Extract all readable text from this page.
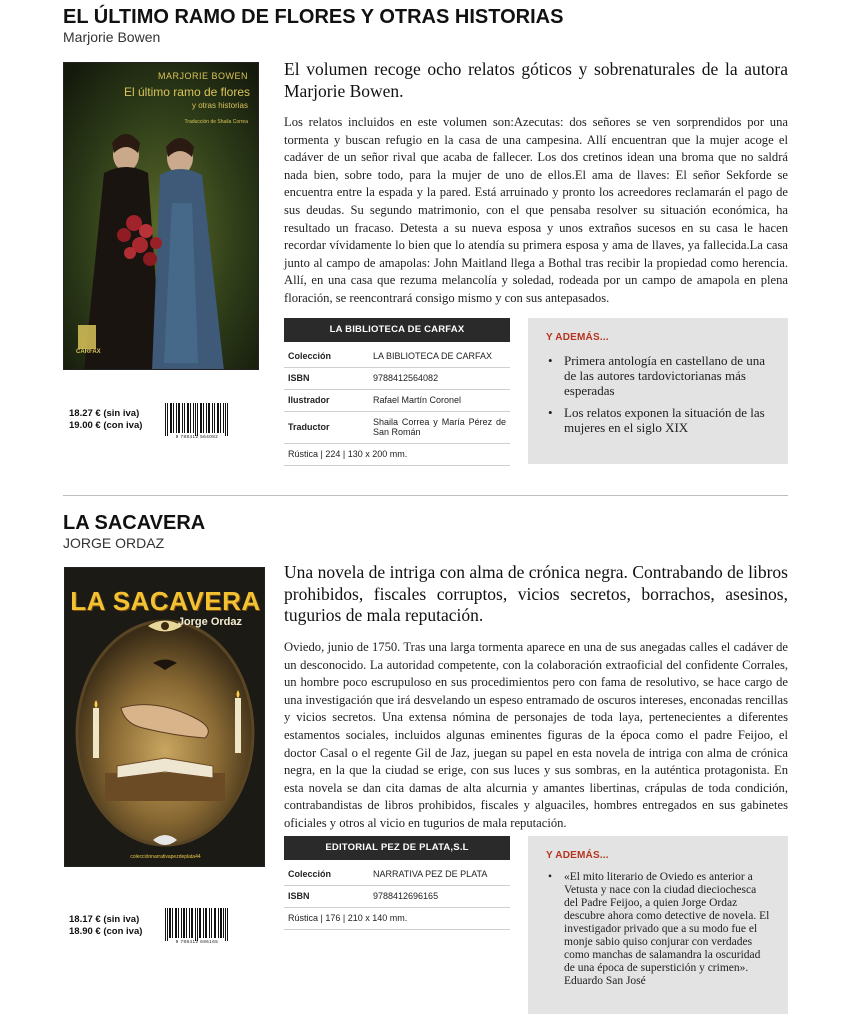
EL ÚLTIMO RAMO DE FLORES Y OTRAS HISTORIAS
Marjorie Bowen
MARJORIE BOWEN
El último ramo de flores
y otras historias
Traducción de Shaila Correa
CARFAX
El volumen recoge ocho relatos góticos y sobrenaturales de la autora Marjorie Bowen.
Los relatos incluidos en este volumen son:Azecutas: dos señores se ven sorprendidos por una tormenta y buscan refugio en la casa de una campesina. Allí encuentran que la mujer acoge el cadáver de un señor rival que acaba de fallecer. Los dos cretinos idean una broma que no saldrá nada bien, sobre todo, para la mujer de uno de ellos.El ama de llaves: El señor Sekforde se encuentra entre la espada y la pared. Está arruinado y pronto los acreedores reclamarán el pago de sus deudas. Su segundo matrimonio, con el que pensaba resolver su situación económica, ha resultado un fracaso. Detesta a su nueva esposa y unos extraños sucesos en su casa le hacen recordar vívidamente lo bien que lo atendía su primera esposa y ama de llaves, ya fallecida.La casa junto al campo de amapolas: John Maitland llega a Bothal tras recibir la propiedad como herencia. Allí, en una casa que rezuma melancolía y soledad, rodeada por un campo de amapola en plena floración, se reencontrará consigo mismo y con sus antepasados.
LA BIBLIOTECA DE CARFAX
Colección	LA BIBLIOTECA DE CARFAX
ISBN	9788412564082
Ilustrador	Rafael Martín Coronel
Traductor	Shaila Correa y María Pérez de San Román
Rústica | 224 | 130 x 200 mm.	
Y ADEMÁS...
• Primera antología en castellano de una de las autores tardovictorianas más esperadas
• Los relatos exponen la situación de las mujeres en el siglo XIX
18.27 € (sin iva)
19.00 € (con iva)
9 788412 564082
LA SACAVERA
JORGE ORDAZ
LA SACAVERA
Jorge Ordaz
colecciónnarrativapezdeplata44
Una novela de intriga con alma de crónica negra. Contrabando de libros prohibidos, fiscales corruptos, vicios secretos, borrachos, asesinos, tugurios de mala reputación.
Oviedo, junio de 1750. Tras una larga tormenta aparece en una de sus anegadas calles el cadáver de un desconocido. La autoridad competente, con la colaboración extraoficial del confidente Corrales, un hombre poco escrupuloso en sus procedimientos pero con fama de resolutivo, se hace cargo de una investigación que irá desvelando un espeso entramado de oscuros intereses, enconadas rencillas y vicios secretos. Una extensa nómina de personajes de toda laya, pertenecientes a diferentes estamentos sociales, incluidos algunas eminentes figuras de la época como el padre Feijoo, el doctor Casal o el regente Gil de Jaz, juegan su papel en esta novela de intriga con alma de crónica negra, en la que la ciudad se erige, con sus luces y sus sombras, en la auténtica protagonista. En esta novela se dan cita damas de alta alcurnia y amantes libertinas, crápulas de toda condición, contrabandistas de libros prohibidos, fiscales y alguaciles, hombres entregados en sus gabinetes oficiales y otros al vicio en tugurios de mala reputación.
EDITORIAL PEZ DE PLATA,S.L
Colección	NARRATIVA PEZ DE PLATA
ISBN	9788412696165
Rústica | 176 | 210 x 140 mm.	
Y ADEMÁS...
• «El mito literario de Oviedo es anterior a Vetusta y nace con la ciudad dieciochesca del Padre Feijoo, a quien Jorge Ordaz descubre ahora como detective de novela. El investigador privado que a su modo fue el monje sabio quiso conjurar con verdades como manchas de salamandra la oscuridad de una época de superstición y crimen». Eduardo San José
18.17 € (sin iva)
18.90 € (con iva)
9 788412 696165
